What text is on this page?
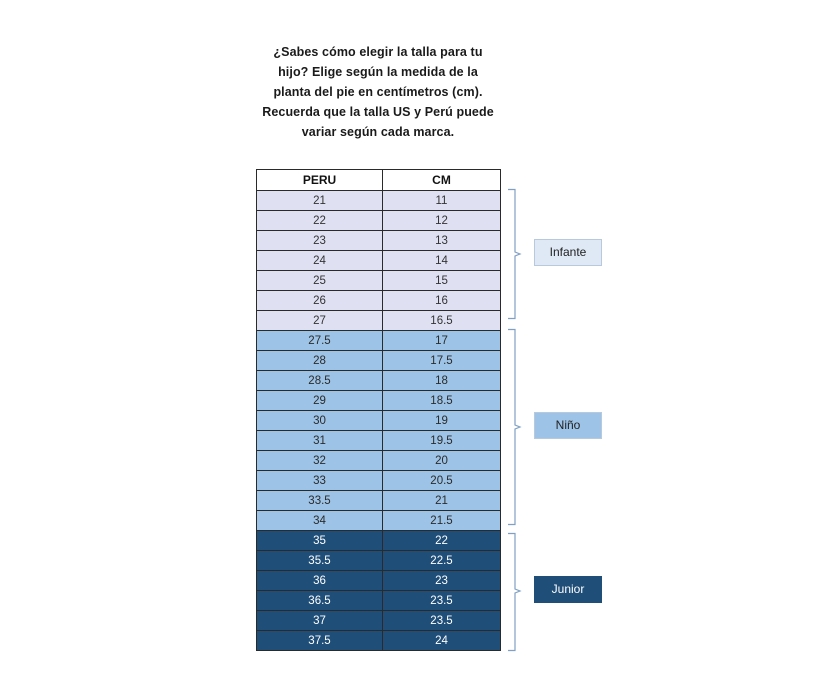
¿Sabes cómo elegir la talla para tu
hijo? Elige según la medida de la
planta del pie en centímetros (cm).
Recuerda que la talla US y Perú puede
variar según cada marca.
PERU	CM
21	11
22	12
23	13
24	14
25	15
26	16
27	16.5
27.5	17
28	17.5
28.5	18
29	18.5
30	19
31	19.5
32	20
33	20.5
33.5	21
34	21.5
35	22
35.5	22.5
36	23
36.5	23.5
37	23.5
37.5	24
Infante
Niño
Junior
